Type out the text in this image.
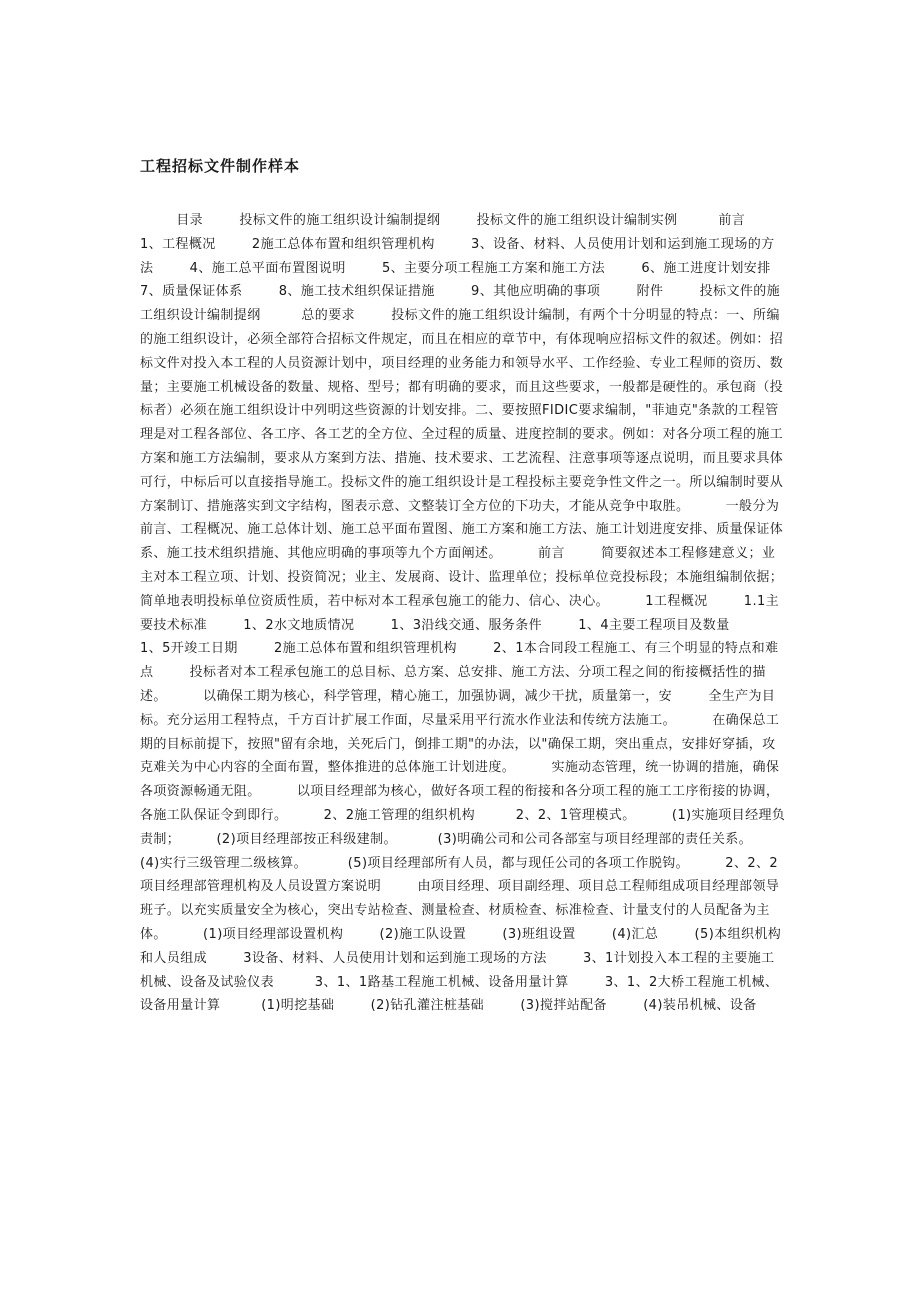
工程招标文件制作样本

目录        投标文件的施工组织设计编制提纲        投标文件的施工组织设计编制实例         前言        1、工程概况        2施工总体布置和组织管理机构        3、设备、材料、人员使用计划和运到施工现场的方法        4、施工总平面布置图说明        5、主要分项工程施工方案和施工方法        6、施工进度计划安排        7、质量保证体系        8、施工技术组织保证措施        9、其他应明确的事项        附件        投标文件的施工组织设计编制提纲         总的要求        投标文件的施工组织设计编制，有两个十分明显的特点：一、所编的施工组织设计，必须全部符合招标文件规定，而且在相应的章节中，有体现响应招标文件的叙述。例如：招标文件对投入本工程的人员资源计划中，项目经理的业务能力和领导水平、工作经验、专业工程师的资历、数量；主要施工机械设备的数量、规格、型号；都有明确的要求，而且这些要求，一般都是硬性的。承包商（投标者）必须在施工组织设计中列明这些资源的计划安排。二、要按照FIDIC要求编制，"菲迪克"条款的工程管理是对工程各部位、各工序、各工艺的全方位、全过程的质量、进度控制的要求。例如：对各分项工程的施工方案和施工方法编制，要求从方案到方法、措施、技术要求、工艺流程、注意事项等逐点说明，而且要求具体可行，中标后可以直接指导施工。投标文件的施工组织设计是工程投标主要竞争性文件之一。所以编制时要从方案制订、措施落实到文字结构，图表示意、文整装订全方位的下功夫，才能从竞争中取胜。        一般分为前言、工程概况、施工总体计划、施工总平面布置图、施工方案和施工方法、施工计划进度安排、质量保证体系、施工技术组织措施、其他应明确的事项等九个方面阐述。        前言        简要叙述本工程修建意义；业主对本工程立项、计划、投资简况；业主、发展商、设计、监理单位；投标单位竞投标段；本施组编制依据；简单地表明投标单位资质性质，若中标对本工程承包施工的能力、信心、决心。        1工程概况        1.1主要技术标准        1、2水文地质情况        1、3沿线交通、服务条件        1、4主要工程项目及数量        1、5开竣工日期        2施工总体布置和组织管理机构        2、1本合同段工程施工、有三个明显的特点和难点        投标者对本工程承包施工的总目标、总方案、总安排、施工方法、分项工程之间的衔接概括性的描述。        以确保工期为核心，科学管理，精心施工，加强协调，减少干扰，质量第一，安        全生产为目标。充分运用工程特点，千方百计扩展工作面，尽量采用平行流水作业法和传统方法施工。        在确保总工期的目标前提下，按照"留有余地，关死后门，倒排工期"的办法，以"确保工期，突出重点，安排好穿插，攻克难关为中心内容的全面布置，整体推进的总体施工计划进度。        实施动态管理，统一协调的措施，确保各项资源畅通无阻。        以项目经理部为核心，做好各项工程的衔接和各分项工程的施工工序衔接的协调，各施工队保证令到即行。        2、2施工管理的组织机构         2、2、1管理模式。        (1)实施项目经理负责制；        (2)项目经理部按正科级建制。         (3)明确公司和公司各部室与项目经理部的责任关系。        (4)实行三级管理二级核算。         (5)项目经理部所有人员，都与现任公司的各项工作脱钩。        2、2、2项目经理部管理机构及人员设置方案说明        由项目经理、项目副经理、项目总工程师组成项目经理部领导班子。以充实质量安全为核心，突出专站检查、测量检查、材质检查、标准检查、计量支付的人员配备为主体。        (1)项目经理部设置机构        (2)施工队设置        (3)班组设置        (4)汇总        (5)本组织机构和人员组成        3设备、材料、人员使用计划和运到施工现场的方法        3、1计划投入本工程的主要施工机械、设备及试验仪表         3、1、1路基工程施工机械、设备用量计算        3、1、2大桥工程施工机械、设备用量计算         (1)明挖基础        (2)钻孔灌注桩基础        (3)搅拌站配备        (4)装吊机械、设备
